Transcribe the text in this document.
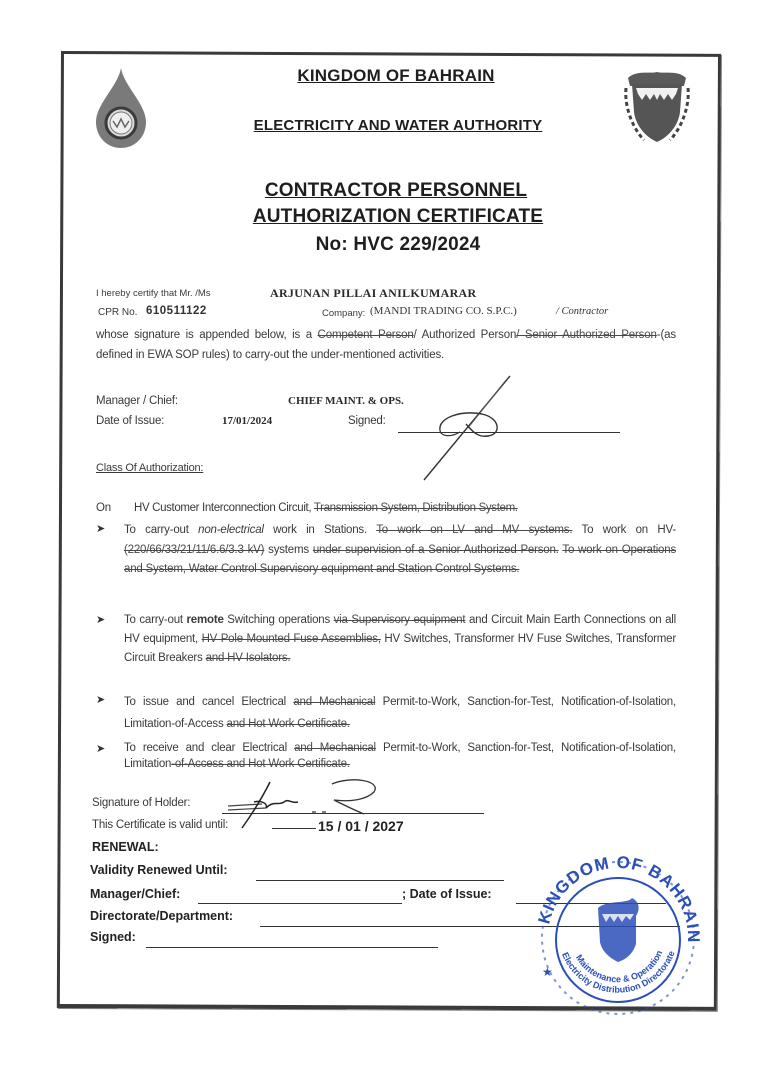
KINGDOM OF BAHRAIN
ELECTRICITY AND WATER AUTHORITY
CONTRACTOR PERSONNEL
AUTHORIZATION CERTIFICATE
No: HVC 229/2024
I hereby certify that Mr. /Ms	ARJUNAN PILLAI ANILKUMARAR
CPR No. 610511122	Company: (MANDI TRADING CO. S.P.C.)	/ Contractor
whose signature is appended below, is a Competent Person/ Authorized Person/ Senior Authorized Person-(as defined in EWA SOP rules) to carry-out the under-mentioned activities.
Manager / Chief:	CHIEF MAINT. & OPS.
Date of Issue:	17/01/2024	Signed:
Class Of Authorization:
On HV Customer Interconnection Circuit, Transmission System, Distribution System.
➤ To carry-out non-electrical work in Stations. To work on LV and MV systems. To work on HV-(220/66/33/21/11/6.6/3.3 kV) systems under supervision of a Senior Authorized Person. To work on Operations and System, Water Control Supervisory equipment and Station Control Systems.
➤ To carry-out remote Switching operations via Supervisory equipment and Circuit Main Earth Connections on all HV equipment, HV Pole Mounted Fuse Assemblies, HV Switches, Transformer HV Fuse Switches, Transformer Circuit Breakers and HV Isolators.
➤ To issue and cancel Electrical and Mechanical Permit-to-Work, Sanction-for-Test, Notification-of-Isolation, Limitation-of-Access and Hot Work Certificate.
➤ To receive and clear Electrical and Mechanical Permit-to-Work, Sanction-for-Test, Notification-of-Isolation, Limitation-of-Access and Hot Work Certificate.
Signature of Holder:
This Certificate is valid until:	15 / 01 / 2027
RENEWAL:
Validity Renewed Until:
Manager/Chief:	; Date of Issue:
Directorate/Department:
Signed:
KINGDOM OF BAHRAIN
Maintenance & Operation
Electricity Distribution Directorate
★
